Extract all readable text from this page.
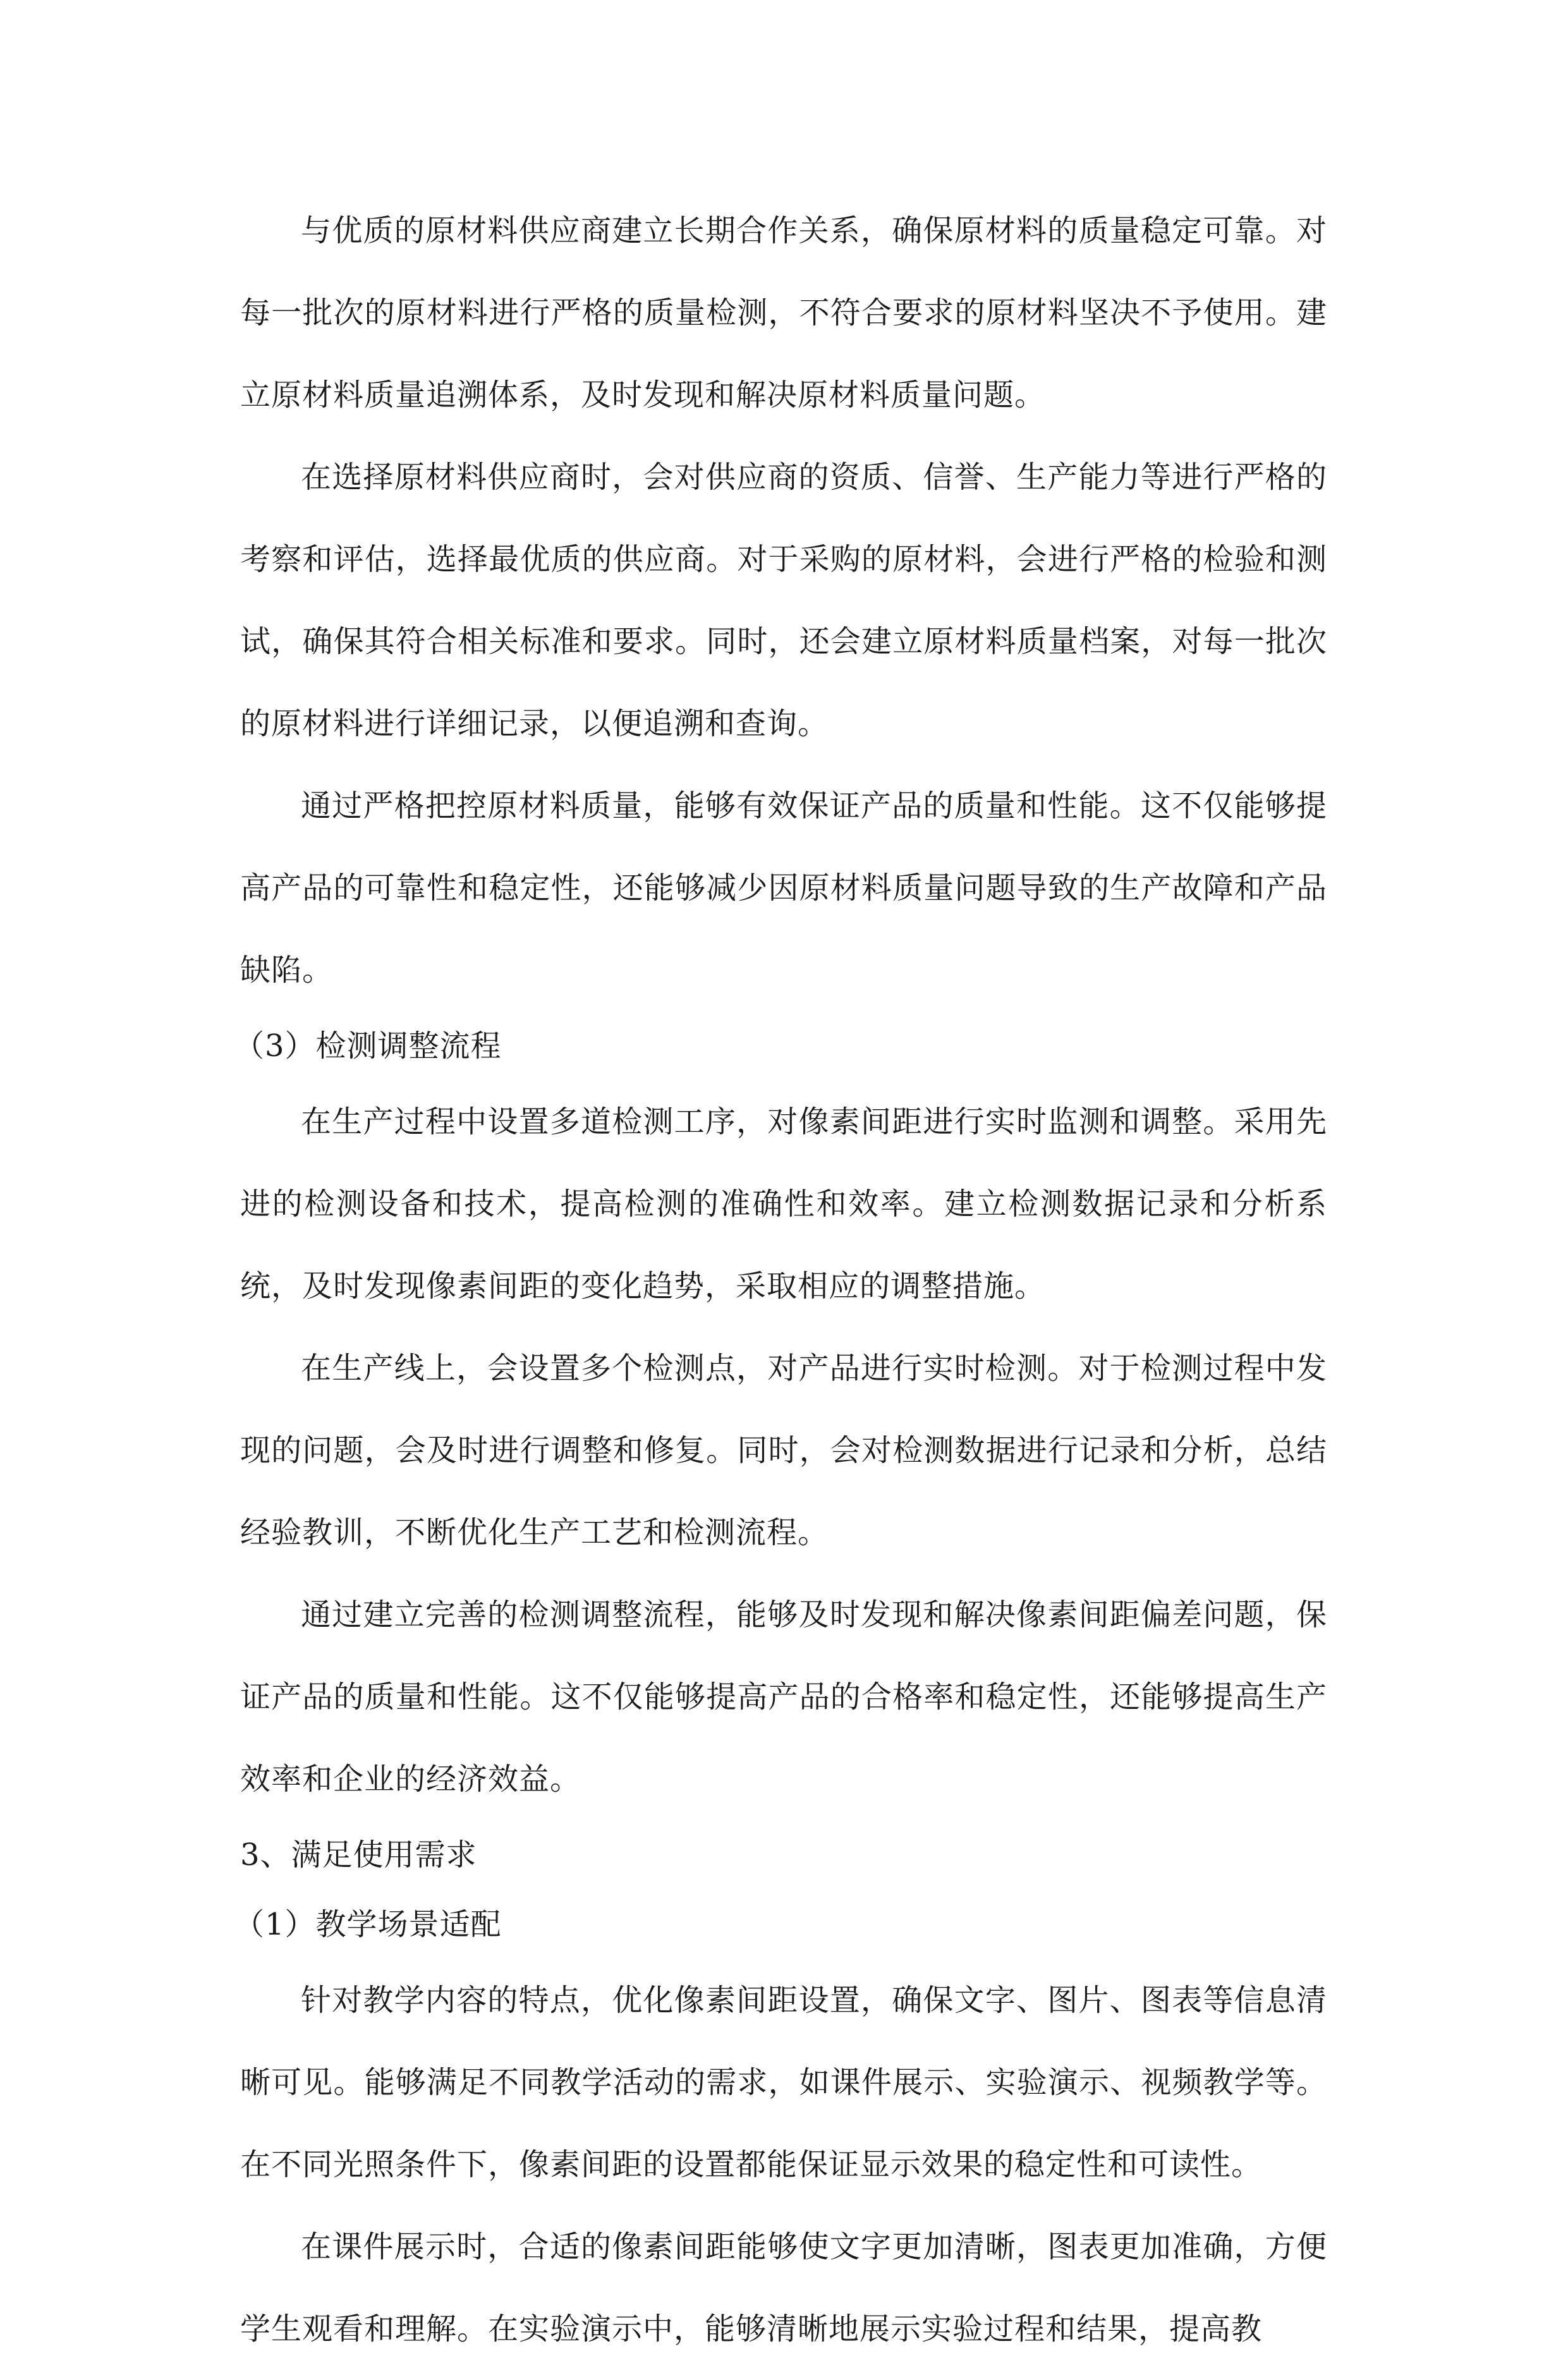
与优质的原材料供应商建立长期合作关系，确保原材料的质量稳定可靠。对每一批次的原材料进行严格的质量检测，不符合要求的原材料坚决不予使用。建立原材料质量追溯体系，及时发现和解决原材料质量问题。

在选择原材料供应商时，会对供应商的资质、信誉、生产能力等进行严格的考察和评估，选择最优质的供应商。对于采购的原材料，会进行严格的检验和测试，确保其符合相关标准和要求。同时，还会建立原材料质量档案，对每一批次的原材料进行详细记录，以便追溯和查询。

通过严格把控原材料质量，能够有效保证产品的质量和性能。这不仅能够提高产品的可靠性和稳定性，还能够减少因原材料质量问题导致的生产故障和产品缺陷。

（3）检测调整流程

在生产过程中设置多道检测工序，对像素间距进行实时监测和调整。采用先进的检测设备和技术，提高检测的准确性和效率。建立检测数据记录和分析系统，及时发现像素间距的变化趋势，采取相应的调整措施。

在生产线上，会设置多个检测点，对产品进行实时检测。对于检测过程中发现的问题，会及时进行调整和修复。同时，会对检测数据进行记录和分析，总结经验教训，不断优化生产工艺和检测流程。

通过建立完善的检测调整流程，能够及时发现和解决像素间距偏差问题，保证产品的质量和性能。这不仅能够提高产品的合格率和稳定性，还能够提高生产效率和企业的经济效益。

3、满足使用需求

（1）教学场景适配

针对教学内容的特点，优化像素间距设置，确保文字、图片、图表等信息清晰可见。能够满足不同教学活动的需求，如课件展示、实验演示、视频教学等。在不同光照条件下，像素间距的设置都能保证显示效果的稳定性和可读性。

在课件展示时，合适的像素间距能够使文字更加清晰，图表更加准确，方便学生观看和理解。在实验演示中，能够清晰地展示实验过程和结果，提高教
